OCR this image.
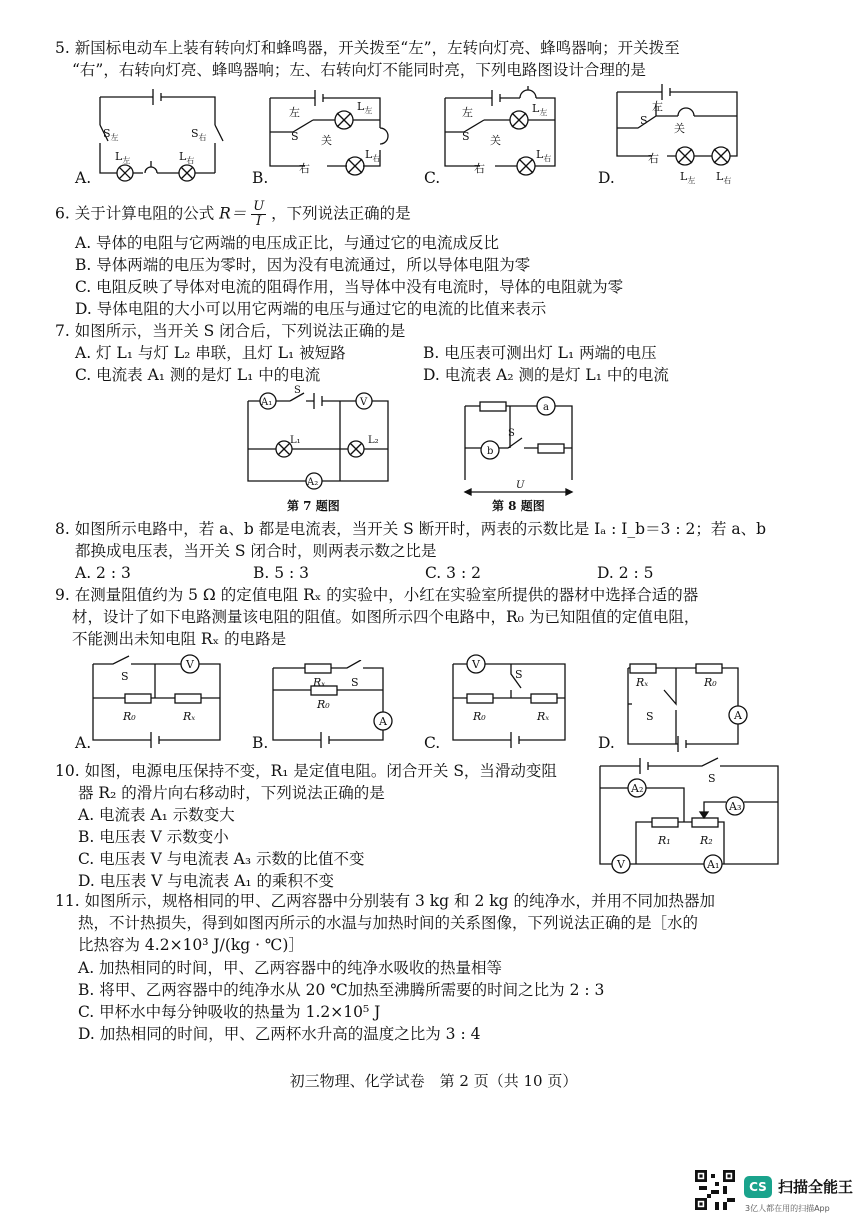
5. 新国标电动车上装有转向灯和蜂鸣器，开关拨至“左”，左转向灯亮、蜂鸣器响；开关拨至
“右”，右转向灯亮、蜂鸣器响；左、右转向灯不能同时亮，下列电路图设计合理的是
$S_左$	$S_右$
$L_左$	$L_右$
A.
左
S 关
右
$L_左$
$L_右$
B.
左
S 关
右
$L_左$
$L_右$
C.
左
S
关
右
$L_左$ $L_右$
D.
6. 关于计算电阻的公式 $R= \frac{U}{I}$ ，下列说法正确的是
A. 导体的电阻与它两端的电压成正比，与通过它的电流成反比
B. 导体两端的电压为零时，因为没有电流通过，所以导体电阻为零
C. 电阻反映了导体对电流的阻碍作用，当导体中没有电流时，导体的电阻就为零
D. 导体电阻的大小可以用它两端的电压与通过它的电流的比值来表示
7. 如图所示，当开关 S 闭合后，下列说法正确的是
A. 灯 L₁ 与灯 L₂ 串联，且灯 L₁ 被短路	B. 电压表可测出灯 L₁ 两端的电压
C. 电流表 A₁ 测的是灯 L₁ 中的电流	D. 电流表 A₂ 测的是灯 L₁ 中的电流
A₁	V
A₂
S
L₁	L₂
第 7 题图
a
b
S
U
第 8 题图
8. 如图所示电路中，若 a、b 都是电流表，当开关 S 断开时，两表的示数比是 Iₐ : I_b＝3 : 2；若 a、b
都换成电压表，当开关 S 闭合时，则两表示数之比是
A. 2 : 3	B. 5 : 3	C. 3 : 2	D. 2 : 5
9. 在测量阻值约为 5 Ω 的定值电阻 Rₓ 的实验中，小红在实验室所提供的器材中选择合适的器
材，设计了如下电路测量该电阻的阻值。如图所示四个电路中，R₀ 为已知阻值的定值电阻，
不能测出未知电阻 Rₓ 的电路是
V
S
R₀	Rₓ
A.
Rₓ
R₀
S
A
B.
V
S
R₀	Rₓ
C.
Rₓ	R₀
S	A
D.
10. 如图，电源电压保持不变，R₁ 是定值电阻。闭合开关 S，当滑动变阻
器 R₂ 的滑片向右移动时，下列说法正确的是
A. 电流表 A₁ 示数变大
B. 电压表 V 示数变小
C. 电压表 V 与电流表 A₃ 示数的比值不变
D. 电压表 V 与电流表 A₁ 的乘积不变
S
A₂
A₃
R₁	R₂
V	A₁
11. 如图所示，规格相同的甲、乙两容器中分别装有 3 kg 和 2 kg 的纯净水，并用不同加热器加
热，不计热损失，得到如图丙所示的水温与加热时间的关系图像，下列说法正确的是［水的
比热容为 4.2×10³ J/(kg · ℃)］
A. 加热相同的时间，甲、乙两容器中的纯净水吸收的热量相等
B. 将甲、乙两容器中的纯净水从 20 ℃加热至沸腾所需要的时间之比为 2 : 3
C. 甲杯水中每分钟吸收的热量为 1.2×10⁵ J
D. 加热相同的时间，甲、乙两杯水升高的温度之比为 3 : 4
初三物理、化学试卷　第 2 页（共 10 页）
CS 扫描全能王
3亿人都在用的扫描App
